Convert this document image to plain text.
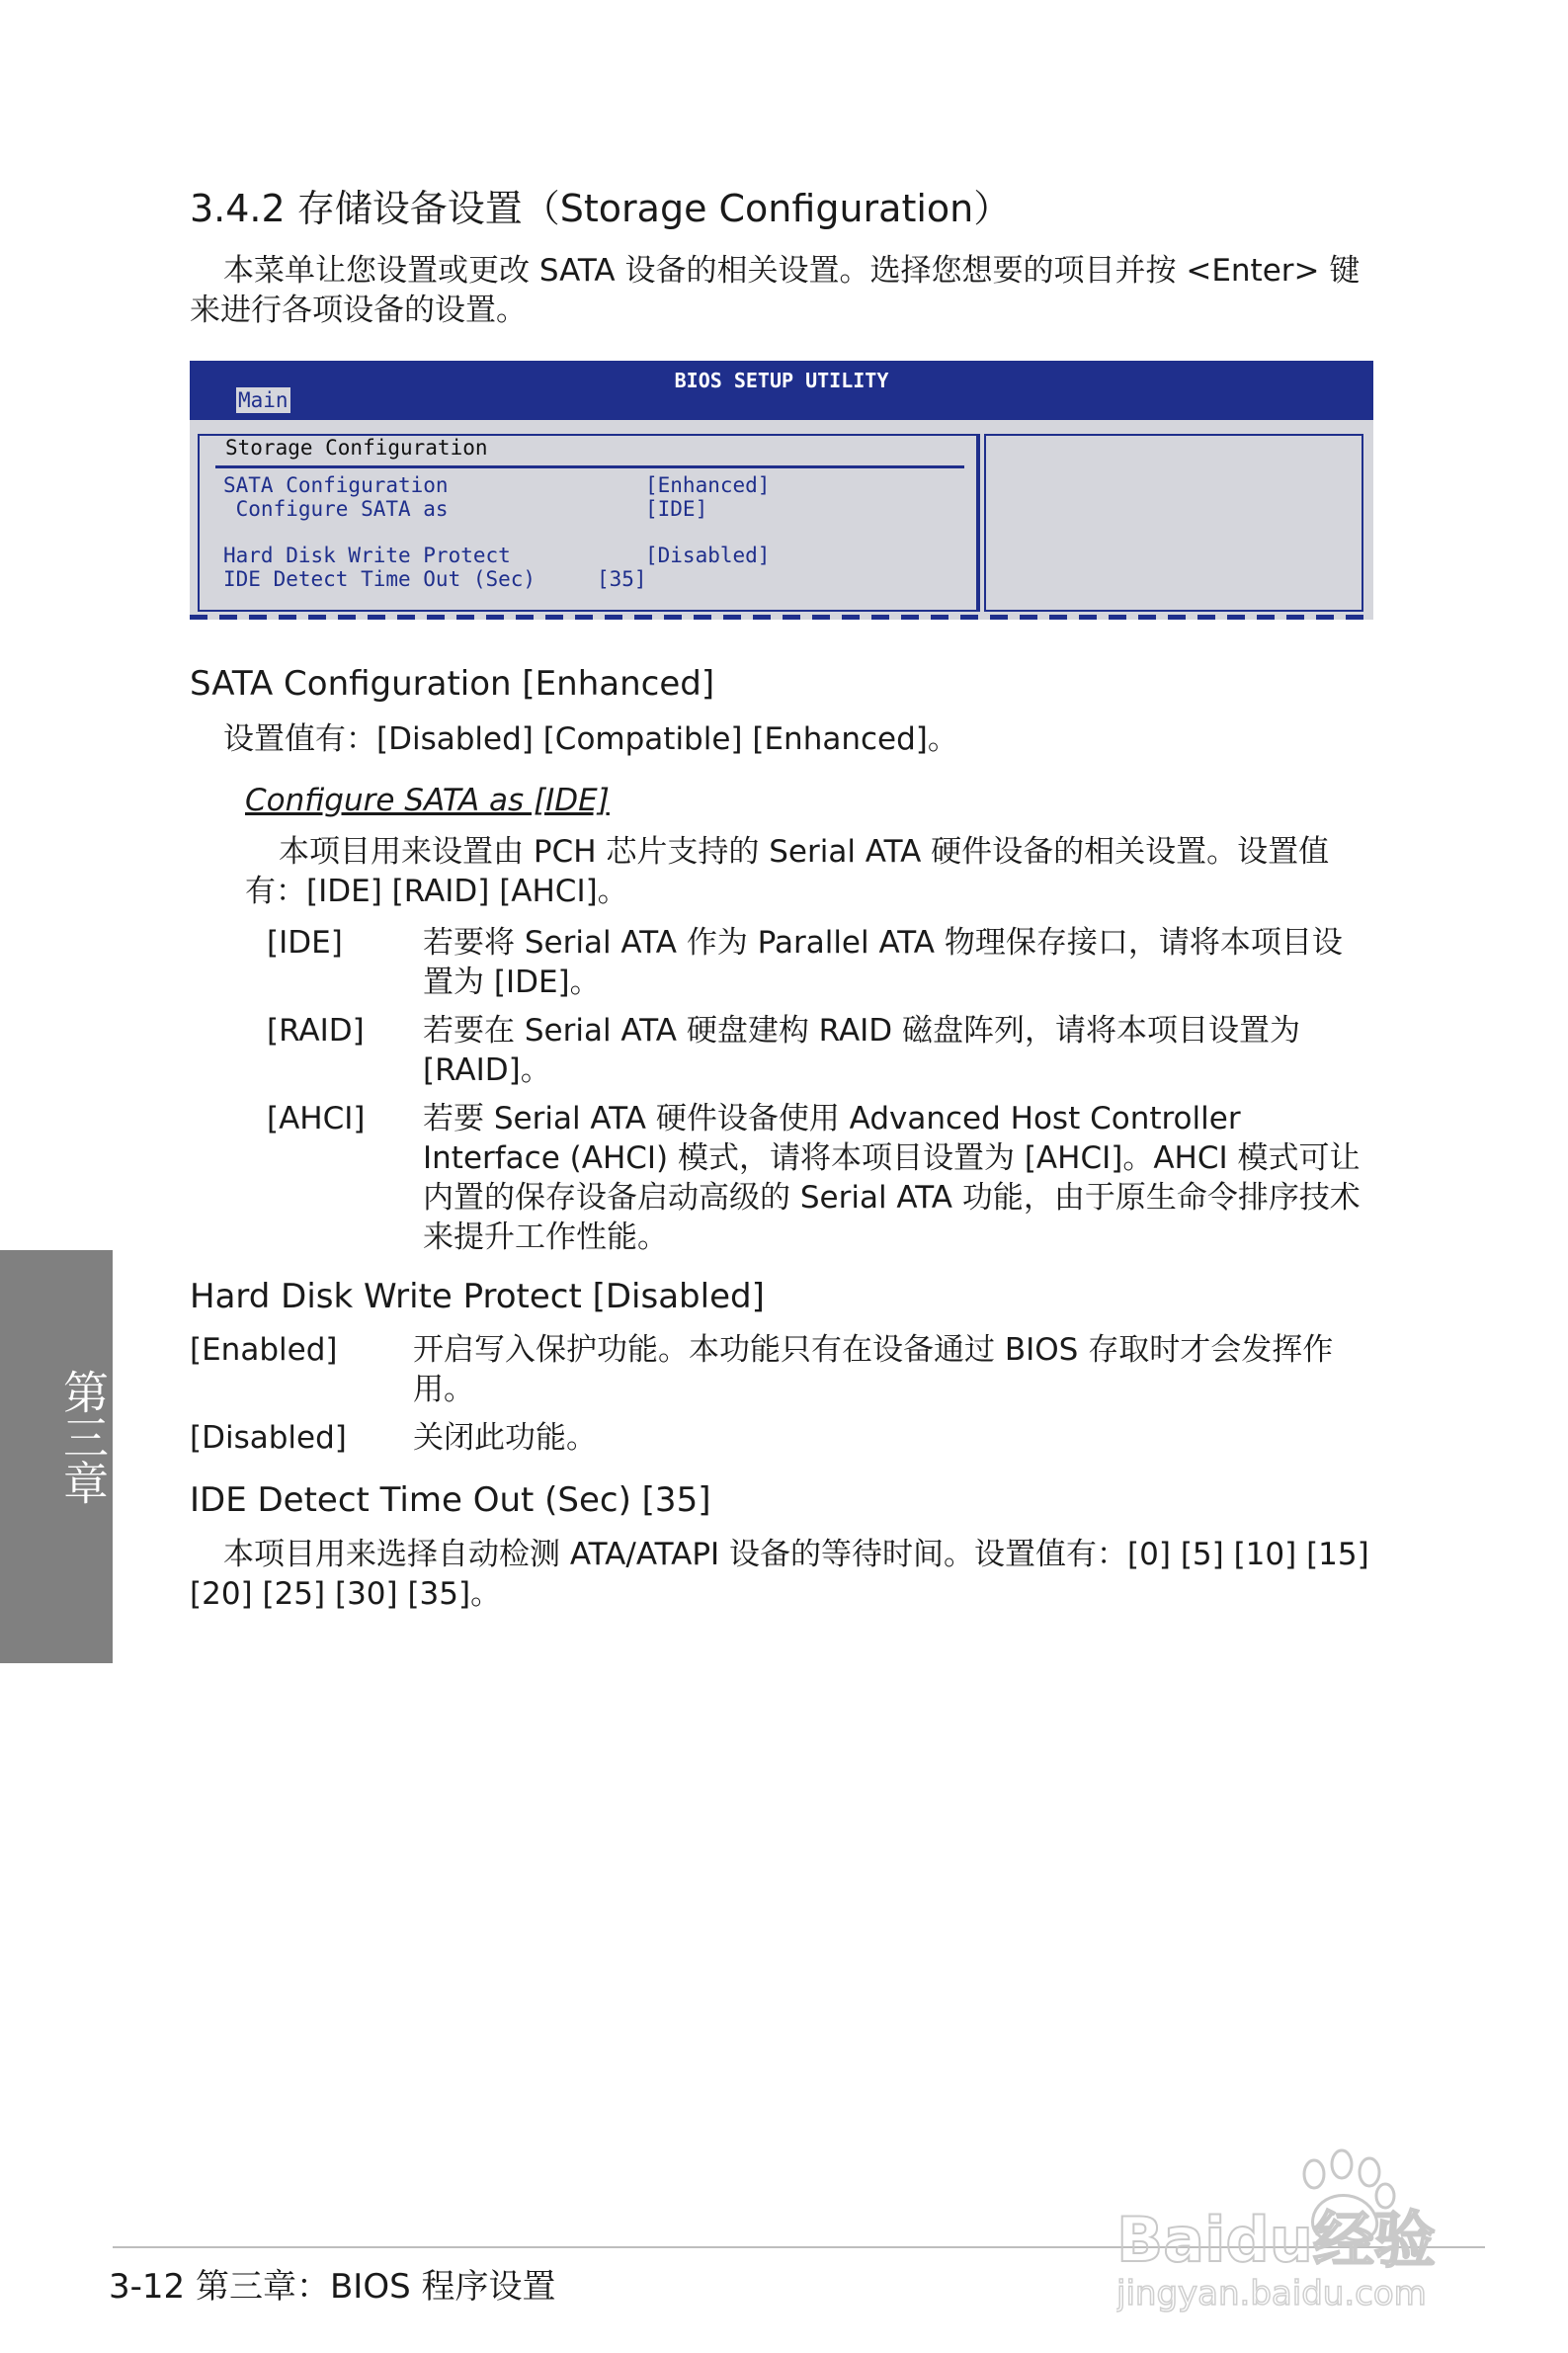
3.4.2 存储设备设置（Storage Configuration）
本菜单让您设置或更改 SATA 设备的相关设置。选择您想要的项目并按 <Enter> 键来进行各项设备的设置。
BIOS SETUP UTILITY
Main
Storage Configuration
SATA Configuration	[Enhanced]
Configure SATA as	[IDE]
Hard Disk Write Protect	[Disabled]
IDE Detect Time Out (Sec)	[35]
SATA Configuration [Enhanced]
设置值有：[Disabled] [Compatible] [Enhanced]。
Configure SATA as [IDE]
本项目用来设置由 PCH 芯片支持的 Serial ATA 硬件设备的相关设置。设置值有：[IDE] [RAID] [AHCI]。
[IDE]	若要将 Serial ATA 作为 Parallel ATA 物理保存接口，请将本项目设置为 [IDE]。
[RAID]	若要在 Serial ATA 硬盘建构 RAID 磁盘阵列，请将本项目设置为 [RAID]。
[AHCI]	若要 Serial ATA 硬件设备使用 Advanced Host Controller Interface (AHCI) 模式，请将本项目设置为 [AHCI]。AHCI 模式可让内置的保存设备启动高级的 Serial ATA 功能，由于原生命令排序技术来提升工作性能。
Hard Disk Write Protect [Disabled]
[Enabled]	开启写入保护功能。本功能只有在设备通过 BIOS 存取时才会发挥作用。
[Disabled]	关闭此功能。
IDE Detect Time Out (Sec) [35]
本项目用来选择自动检测 ATA/ATAPI 设备的等待时间。设置值有：[0] [5] [10] [15] [20] [25] [30] [35]。
第三章
3-12 第三章：BIOS 程序设置
Baidu经验
jingyan.baidu.com
